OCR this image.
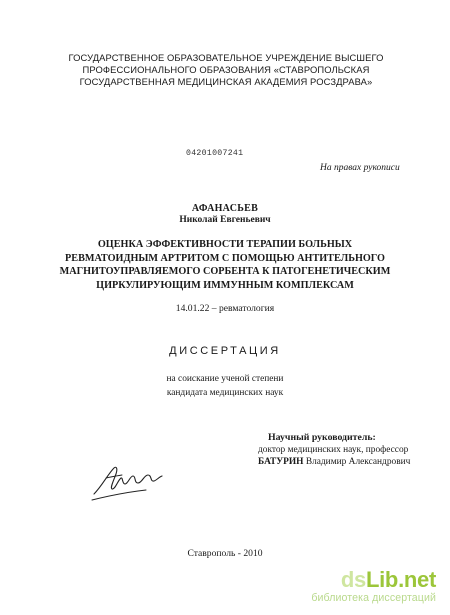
ГОСУДАРСТВЕННОЕ ОБРАЗОВАТЕЛЬНОЕ УЧРЕЖДЕНИЕ ВЫСШЕГО
ПРОФЕССИОНАЛЬНОГО ОБРАЗОВАНИЯ «СТАВРОПОЛЬСКАЯ
ГОСУДАРСТВЕННАЯ МЕДИЦИНСКАЯ АКАДЕМИЯ РОСЗДРАВА»
04201007241
На правах рукописи
АФАНАСЬЕВ
Николай Евгеньевич
ОЦЕНКА ЭФФЕКТИВНОСТИ ТЕРАПИИ БОЛЬНЫХ
РЕВМАТОИДНЫМ АРТРИТОМ С ПОМОЩЬЮ АНТИТЕЛЬНОГО
МАГНИТОУПРАВЛЯЕМОГО СОРБЕНТА К ПАТОГЕНЕТИЧЕСКИМ
ЦИРКУЛИРУЮЩИМ ИММУННЫМ КОМПЛЕКСАМ
14.01.22 – ревматология
ДИССЕРТАЦИЯ
на соискание ученой степени
кандидата медицинских наук
Научный руководитель:
доктор медицинских наук, профессор
БАТУРИН Владимир Александрович
Ставрополь - 2010
dsLib.net
библиотека диссертаций
